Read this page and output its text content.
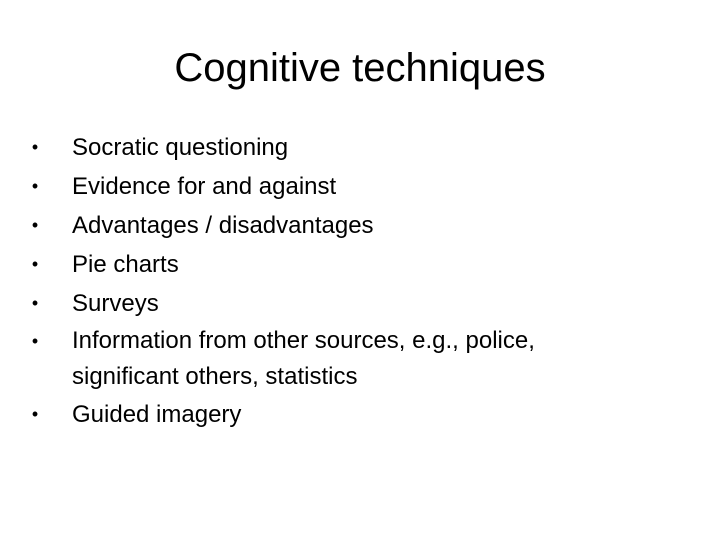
Cognitive techniques
• Socratic questioning
• Evidence for and against
• Advantages / disadvantages
• Pie charts
• Surveys
• Information from other sources, e.g., police, significant others, statistics
• Guided imagery
